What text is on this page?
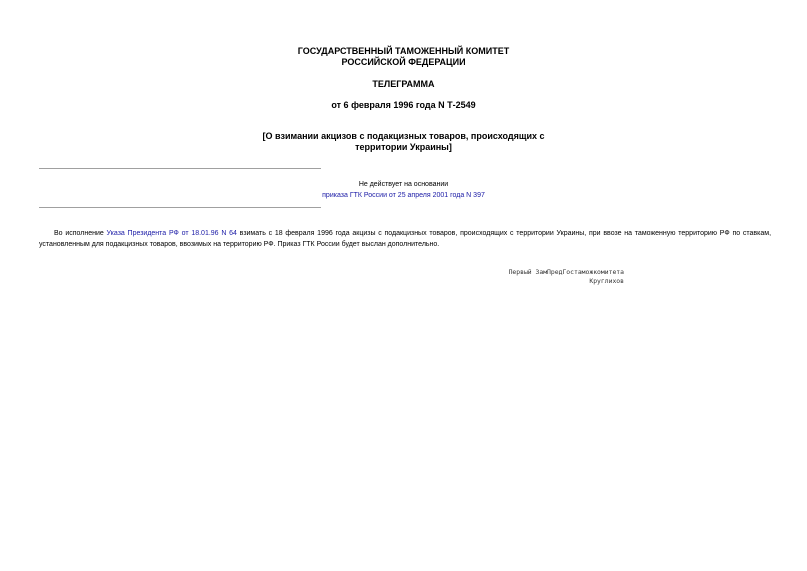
ГОСУДАРСТВЕННЫЙ ТАМОЖЕННЫЙ КОМИТЕТ
РОССИЙСКОЙ ФЕДЕРАЦИИ
ТЕЛЕГРАММА
от 6 февраля 1996 года N Т-2549
[О взимании акцизов с подакцизных товаров, происходящих с
территории Украины]
Не действует на основании
приказа ГТК России от 25 апреля 2001 года N 397
Во исполнение Указа Президента РФ от 18.01.96 N 64 взимать с 18 февраля 1996 года акцизы с подакцизных товаров, происходящих с территории Украины, при ввозе на таможенную территорию РФ по ставкам, установленным для подакцизных товаров, ввозимых на территорию РФ. Приказ ГТК России будет выслан дополнительно.
Первый ЗамПредГостаможкомитета
Круглихов
